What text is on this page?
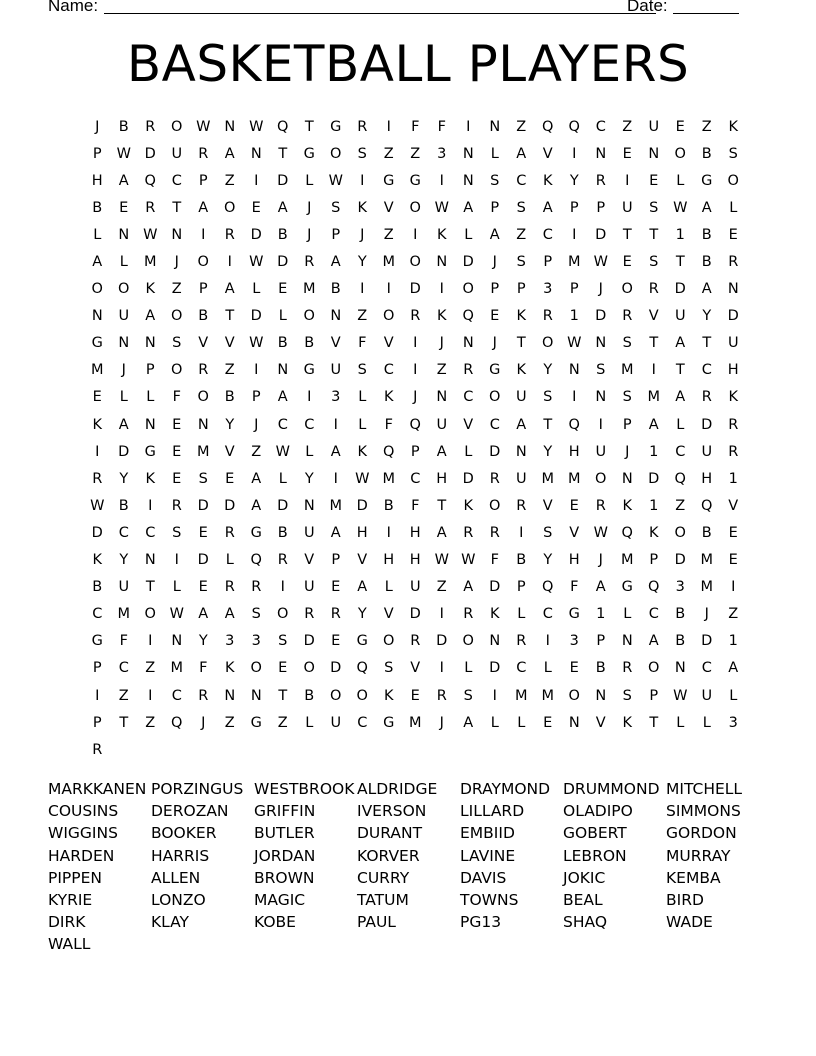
Name:	Date:
BASKETBALL PLAYERS
J	B	R	O W N W Q	T	G	R	I	F	F	I	N	Z	Q	Q	C	Z	U	E	Z	K
P	W D	U	R	A	N	T	G	O	S	Z	Z	3	N	L	A	V	I	N	E	N	O	B	S
H	A	Q	C	P	Z	I	D	L	W	I	G	G	I	N	S	C	K	Y	R	I	E	L	G	O
B	E	R	T	A	O	E	A	J	S	K	V	O W A	P	S	A	P	P	U	S	W A	L
L	N W N	I	R	D	B	J	P	J	Z	I	K	L	A	Z	C	I	D	T	T	1	B	E
A	L	M	J	O	I	W D	R	A	Y	M	O	N	D	J	S	P	M W	E	S	T	B	R
O	O	K	Z	P	A	L	E	M	B	I	I	D	I	O	P	P	3	P	J	O	R	D	A	N
N	U	A	O	B	T	D	L	O	N	Z	O	R	K	Q	E	K	R	1	D	R	V	U	Y	D
G	N	N	S	V	V W B	B	V	F	V	I	J	N	J	T	O W N	S	T	A	T	U
M	J	P	O	R	Z	I	N	G	U	S	C	I	Z	R	G	K	Y	N	S	M	I	T	C	H
E	L	L	F	O	B	P	A	I	3	L	K	J	N	C	O	U	S	I	N	S	M	A	R	K
K	A	N	E	N	Y	J	C	C	I	L	F	Q	U	V	C	A	T	Q	I	P	A	L	D	R
I	D	G	E	M	V	Z W	L	A	K	Q	P	A	L	D	N	Y	H	U	J	1	C	U	R
R	Y	K	E	S	E	A	L	Y	I	W M	C	H	D	R	U	M M	O	N	D	Q	H	1
W B	I	R	D	D	A	D	N	M	D	B	F	T	K	O	R	V	E	R	K	1	Z	Q	V
D	C	C	S	E	R	G	B	U	A	H	I	H	A	R	R	I	S	V W Q	K	O	B	E
K	Y	N	I	D	L	Q	R	V	P	V	H	H W W	F	B	Y	H	J	M	P	D	M	E
B	U	T	L	E	R	R	I	U	E	A	L	U	Z	A	D	P	Q	F	A	G	Q	3	M	I
C	M	O W A	A	S	O	R	R	Y	V	D	I	R	K	L	C	G	1	L	C	B	J	Z
G	F	I	N	Y	3	3	S	D	E	G	O	R	D	O	N	R	I	3	P	N	A	B	D	1
P	C	Z	M	F	K	O	E	O	D	Q	S	V	I	L	D	C	L	E	B	R	O	N	C	A
I	Z	I	C	R	N	N	T	B	O	O	K	E	R	S	I	M M	O	N	S	P	W U	L
P	T	Z	Q	J	Z	G	Z	L	U	C	G	M	J	A	L	L	E	N	V	K	T	L	L	3
R
MARKKANEN PORZINGUS WESTBROOK ALDRIDGE	DRAYMOND DRUMMOND MITCHELL
COUSINS	DEROZAN	GRIFFIN	IVERSON	LILLARD	OLADIPO	SIMMONS
WIGGINS	BOOKER	BUTLER	DURANT	EMBIID	GOBERT	GORDON
HARDEN	HARRIS	JORDAN	KORVER	LAVINE	LEBRON	MURRAY
PIPPEN	ALLEN	BROWN	CURRY	DAVIS	JOKIC	KEMBA
KYRIE	LONZO	MAGIC	TATUM	TOWNS	BEAL	BIRD
DIRK	KLAY	KOBE	PAUL	PG13	SHAQ	WADE
WALL
